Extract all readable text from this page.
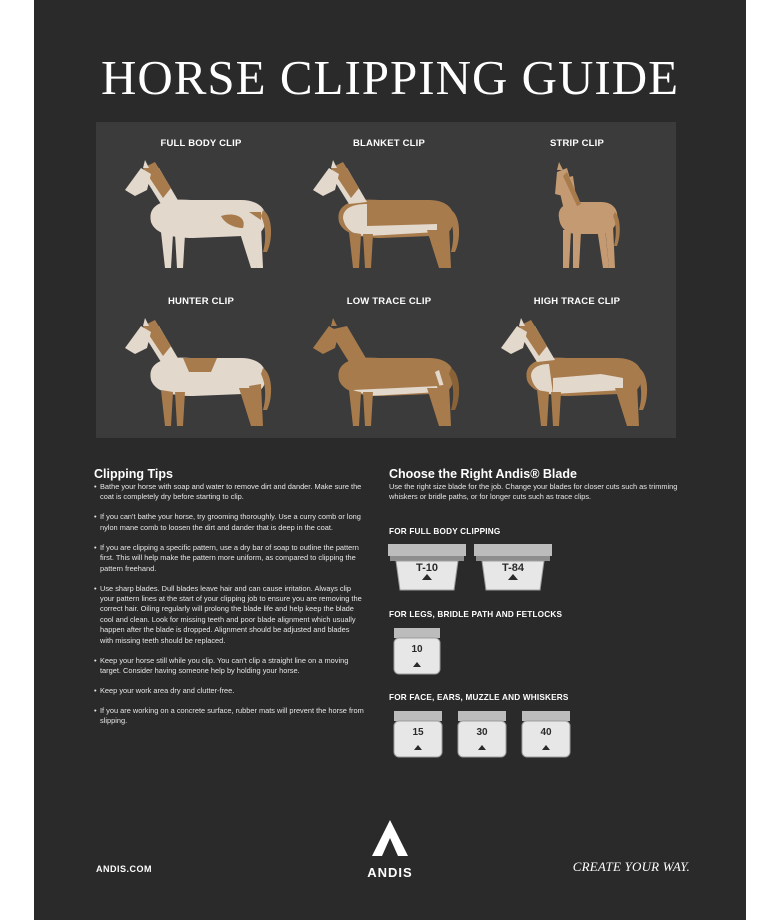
HORSE CLIPPING GUIDE
FULL BODY CLIP	BLANKET CLIP	STRIP CLIP
HUNTER CLIP	LOW TRACE CLIP	HIGH TRACE CLIP
Clipping Tips
• Bathe your horse with soap and water to remove dirt and dander. Make sure the coat is completely dry before starting to clip.
• If you can't bathe your horse, try grooming thoroughly. Use a curry comb or long nylon mane comb to loosen the dirt and dander that is deep in the coat.
• If you are clipping a specific pattern, use a dry bar of soap to outline the pattern first. This will help make the pattern more uniform, as compared to clipping the pattern freehand.
• Use sharp blades. Dull blades leave hair and can cause irritation. Always clip your pattern lines at the start of your clipping job to ensure you are removing the correct hair. Oiling regularly will prolong the blade life and help keep the blade cool and clean. Look for missing teeth and poor blade alignment which usually happen after the blade is dropped. Alignment should be adjusted and blades with missing teeth should be replaced.
• Keep your horse still while you clip. You can't clip a straight line on a moving target. Consider having someone help by holding your horse.
• Keep your work area dry and clutter-free.
• If you are working on a concrete surface, rubber mats will prevent the horse from slipping.
Choose the Right Andis® Blade
Use the right size blade for the job. Change your blades for closer cuts such as trimming whiskers or bridle paths, or for longer cuts such as trace clips.
FOR FULL BODY CLIPPING
T-10	T-84
FOR LEGS, BRIDLE PATH AND FETLOCKS
10
FOR FACE, EARS, MUZZLE AND WHISKERS
15	30	40
ANDIS.COM	ANDIS	CREATE YOUR WAY.
